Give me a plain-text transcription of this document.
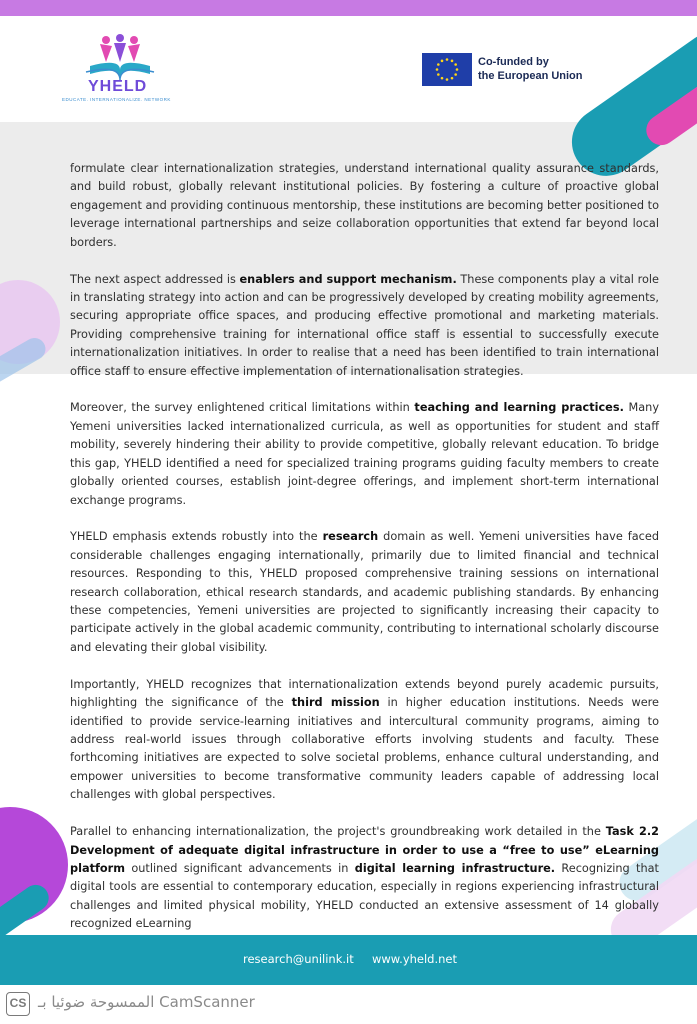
YHELD
EDUCATE. INTERNATIONALIZE. NETWORK
Co-funded by
the European Union

formulate clear internationalization strategies, understand international quality assurance standards, and build robust, globally relevant institutional policies. By fostering a culture of proactive global engagement and providing continuous mentorship, these institutions are becoming better positioned to leverage international partnerships and seize collaboration opportunities that extend far beyond local borders.

The next aspect addressed is enablers and support mechanism. These components play a vital role in translating strategy into action and can be progressively developed by creating mobility agreements, securing appropriate office spaces, and producing effective promotional and marketing materials. Providing comprehensive training for international office staff is essential to successfully execute internationalization initiatives. In order to realise that a need has been identified to train international office staff to ensure effective implementation of internationalisation strategies.

Moreover, the survey enlightened critical limitations within teaching and learning practices. Many Yemeni universities lacked internationalized curricula, as well as opportunities for student and staff mobility, severely hindering their ability to provide competitive, globally relevant education. To bridge this gap, YHELD identified a need for specialized training programs guiding faculty members to create globally oriented courses, establish joint-degree offerings, and implement short-term international exchange programs.

YHELD emphasis extends robustly into the research domain as well. Yemeni universities have faced considerable challenges engaging internationally, primarily due to limited financial and technical resources. Responding to this, YHELD proposed comprehensive training sessions on international research collaboration, ethical research standards, and academic publishing standards. By enhancing these competencies, Yemeni universities are projected to significantly increasing their capacity to participate actively in the global academic community, contributing to international scholarly discourse and elevating their global visibility.

Importantly, YHELD recognizes that internationalization extends beyond purely academic pursuits, highlighting the significance of the third mission in higher education institutions. Needs were identified to provide service-learning initiatives and intercultural community programs, aiming to address real-world issues through collaborative efforts involving students and faculty. These forthcoming initiatives are expected to solve societal problems, enhance cultural understanding, and empower universities to become transformative community leaders capable of addressing local challenges with global perspectives.

Parallel to enhancing internationalization, the project's groundbreaking work detailed in the Task 2.2 Development of adequate digital infrastructure in order to use a “free to use” eLearning platform outlined significant advancements in digital learning infrastructure. Recognizing that digital tools are essential to contemporary education, especially in regions experiencing infrastructural challenges and limited physical mobility, YHELD conducted an extensive assessment of 14 globally recognized eLearning

research@unilink.it www.yheld.net
CS الممسوحة ضوئيا بـ CamScanner
